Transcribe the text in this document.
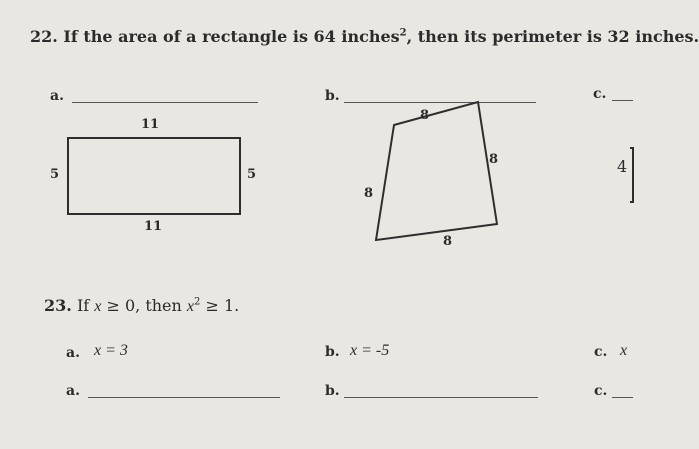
22. If the area of a rectangle is 64 inches$^2$, then its perimeter is 32 inches.
a.	b.	c.
11
5	5
11
8
8
8
8
4
23. If x ≥ 0, then $x^2 \ge 1$.
a. x = 3	b. x = -5	c. x
a.	b.	c.
